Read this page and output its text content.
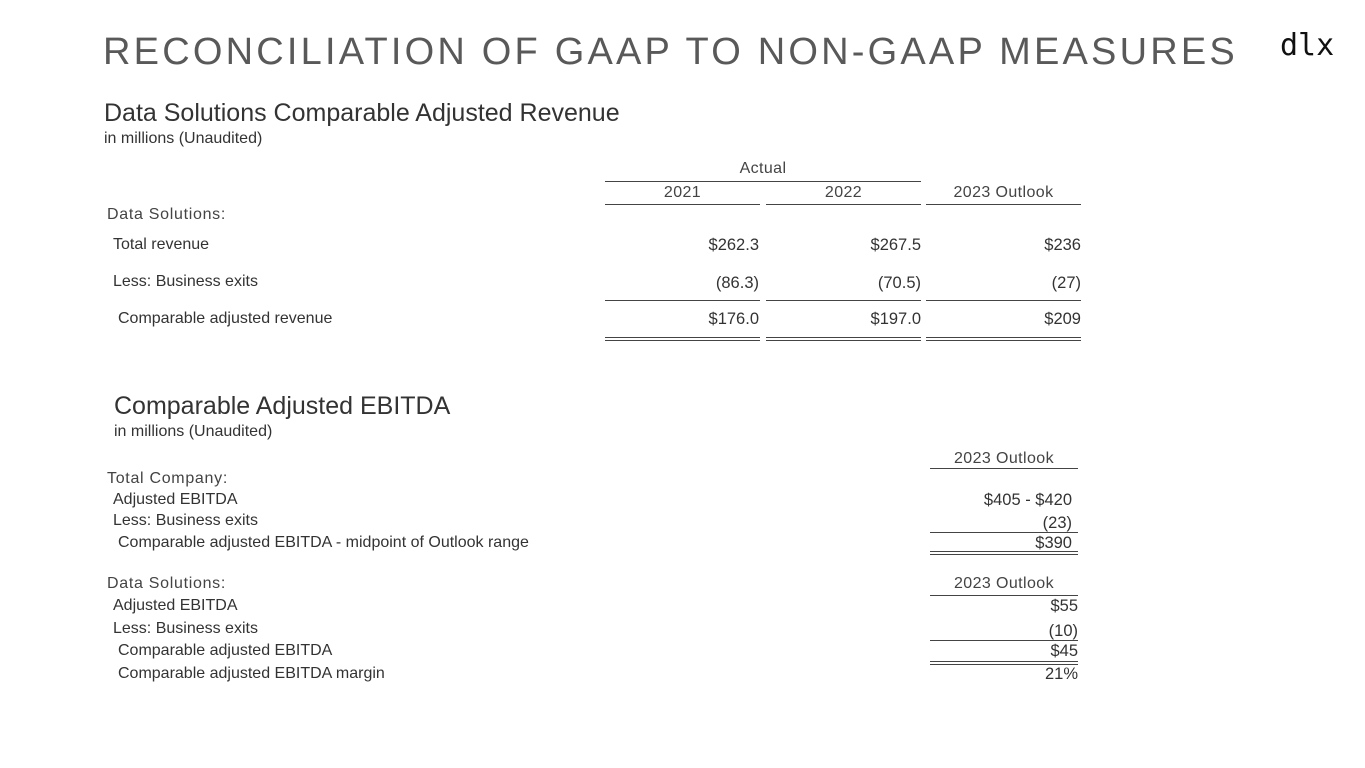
RECONCILIATION OF GAAP TO NON-GAAP MEASURES dlx
Data Solutions Comparable Adjusted Revenue
in millions (Unaudited)
Actual
2021	2022	2023 Outlook
Data Solutions:
Total revenue	$262.3	$267.5	$236
Less: Business exits	(86.3)	(70.5)	(27)
Comparable adjusted revenue	$176.0	$197.0	$209
Comparable Adjusted EBITDA
in millions (Unaudited)
2023 Outlook
Total Company:
Adjusted EBITDA	$405 - $420
Less: Business exits	(23)
Comparable adjusted EBITDA - midpoint of Outlook range	$390
Data Solutions:	2023 Outlook
Adjusted EBITDA	$55
Less: Business exits	(10)
Comparable adjusted EBITDA	$45
Comparable adjusted EBITDA margin	21%
